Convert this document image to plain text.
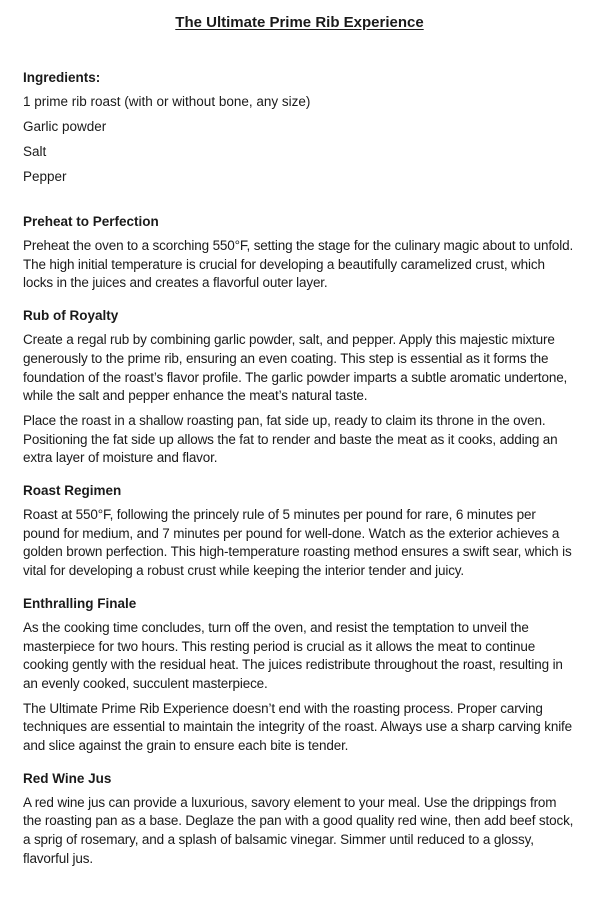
The Ultimate Prime Rib Experience
Ingredients:
1 prime rib roast (with or without bone, any size)
Garlic powder
Salt
Pepper
Preheat to Perfection

Preheat the oven to a scorching 550°F, setting the stage for the culinary magic about to unfold. The high initial temperature is crucial for developing a beautifully caramelized crust, which locks in the juices and creates a flavorful outer layer.

Rub of Royalty

Create a regal rub by combining garlic powder, salt, and pepper. Apply this majestic mixture generously to the prime rib, ensuring an even coating. This step is essential as it forms the foundation of the roast’s flavor profile. The garlic powder imparts a subtle aromatic undertone, while the salt and pepper enhance the meat’s natural taste.

Place the roast in a shallow roasting pan, fat side up, ready to claim its throne in the oven. Positioning the fat side up allows the fat to render and baste the meat as it cooks, adding an extra layer of moisture and flavor.

Roast Regimen

Roast at 550°F, following the princely rule of 5 minutes per pound for rare, 6 minutes per pound for medium, and 7 minutes per pound for well-done. Watch as the exterior achieves a golden brown perfection. This high-temperature roasting method ensures a swift sear, which is vital for developing a robust crust while keeping the interior tender and juicy.

Enthralling Finale

As the cooking time concludes, turn off the oven, and resist the temptation to unveil the masterpiece for two hours. This resting period is crucial as it allows the meat to continue cooking gently with the residual heat. The juices redistribute throughout the roast, resulting in an evenly cooked, succulent masterpiece.

The Ultimate Prime Rib Experience doesn’t end with the roasting process. Proper carving techniques are essential to maintain the integrity of the roast. Always use a sharp carving knife and slice against the grain to ensure each bite is tender.

Red Wine Jus

A red wine jus can provide a luxurious, savory element to your meal. Use the drippings from the roasting pan as a base. Deglaze the pan with a good quality red wine, then add beef stock, a sprig of rosemary, and a splash of balsamic vinegar. Simmer until reduced to a glossy, flavorful jus.
